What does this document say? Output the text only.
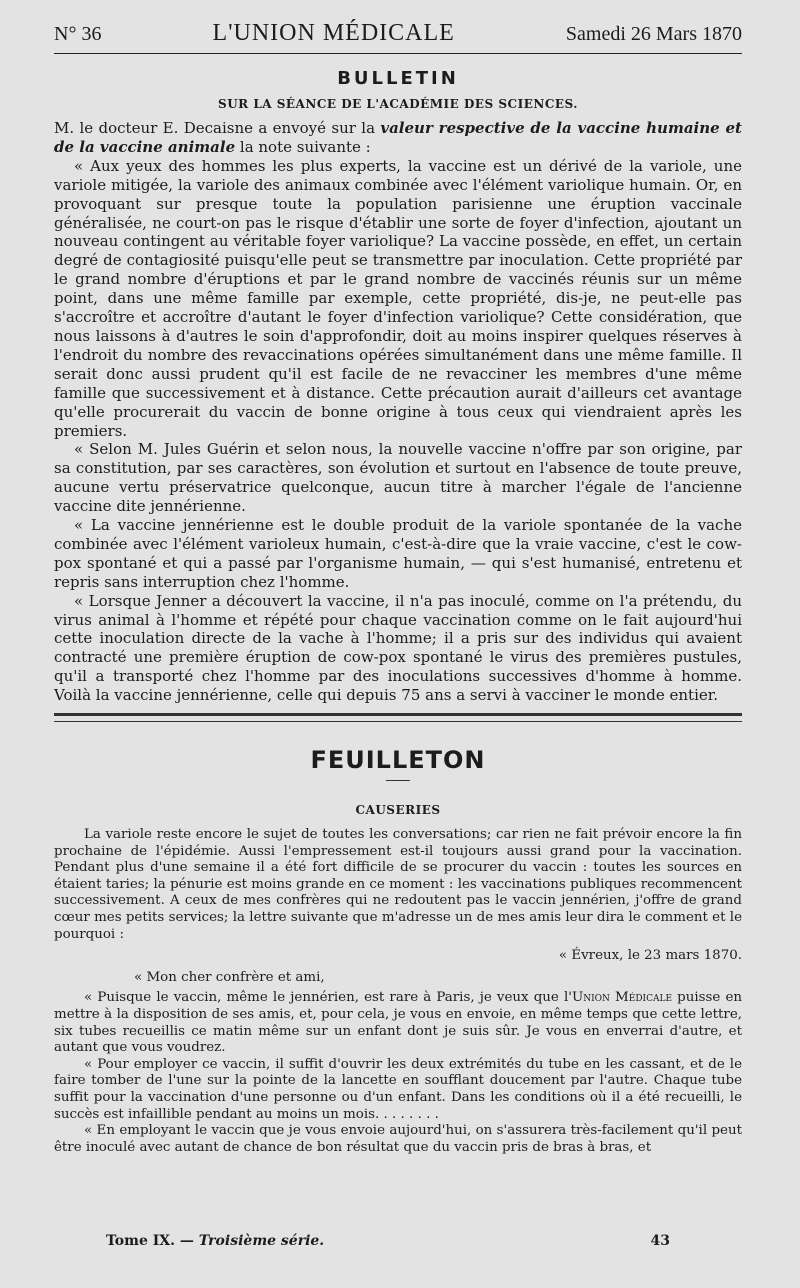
N° 36	L'UNION MÉDICALE	Samedi 26 Mars 1870
BULLETIN
SUR LA SÉANCE DE L'ACADÉMIE DES SCIENCES.

M. le docteur E. Decaisne a envoyé sur la valeur respective de la vaccine humaine et de la vaccine animale la note suivante :

« Aux yeux des hommes les plus experts, la vaccine est un dérivé de la variole, une variole mitigée, la variole des animaux combinée avec l'élément variolique humain. Or, en provoquant sur presque toute la population parisienne une éruption vaccinale généralisée, ne court-on pas le risque d'établir une sorte de foyer d'infection, ajoutant un nouveau contingent au véritable foyer variolique? La vaccine possède, en effet, un certain degré de contagiosité puisqu'elle peut se transmettre par inoculation. Cette propriété par le grand nombre d'éruptions et par le grand nombre de vaccinés réunis sur un même point, dans une même famille par exemple, cette propriété, dis-je, ne peut-elle pas s'accroître et accroître d'autant le foyer d'infection variolique? Cette considération, que nous laissons à d'autres le soin d'approfondir, doit au moins inspirer quelques réserves à l'endroit du nombre des revaccinations opérées simultanément dans une même famille. Il serait donc aussi prudent qu'il est facile de ne revacciner les membres d'une même famille que successivement et à distance. Cette précaution aurait d'ailleurs cet avantage qu'elle procurerait du vaccin de bonne origine à tous ceux qui viendraient après les premiers.

« Selon M. Jules Guérin et selon nous, la nouvelle vaccine n'offre par son origine, par sa constitution, par ses caractères, son évolution et surtout en l'absence de toute preuve, aucune vertu préservatrice quelconque, aucun titre à marcher l'égale de l'ancienne vaccine dite jennérienne.

« La vaccine jennérienne est le double produit de la variole spontanée de la vache combinée avec l'élément varioleux humain, c'est-à-dire que la vraie vaccine, c'est le cow-pox spontané et qui a passé par l'organisme humain, — qui s'est humanisé, entretenu et repris sans interruption chez l'homme.

« Lorsque Jenner a découvert la vaccine, il n'a pas inoculé, comme on l'a prétendu, du virus animal à l'homme et répété pour chaque vaccination comme on le fait aujourd'hui cette inoculation directe de la vache à l'homme; il a pris sur des individus qui avaient contracté une première éruption de cow-pox spontané le virus des premières pustules, qu'il a transporté chez l'homme par des inoculations successives d'homme à homme. Voilà la vaccine jennérienne, celle qui depuis 75 ans a servi à vacciner le monde entier.

FEUILLETON
CAUSERIES

La variole reste encore le sujet de toutes les conversations; car rien ne fait prévoir encore la fin prochaine de l'épidémie. Aussi l'empressement est-il toujours aussi grand pour la vaccination. Pendant plus d'une semaine il a été fort difficile de se procurer du vaccin : toutes les sources en étaient taries; la pénurie est moins grande en ce moment : les vaccinations publiques recommencent successivement. A ceux de mes confrères qui ne redoutent pas le vaccin jennérien, j'offre de grand cœur mes petits services; la lettre suivante que m'adresse un de mes amis leur dira le comment et le pourquoi :

« Évreux, le 23 mars 1870.

« Mon cher confrère et ami,

« Puisque le vaccin, même le jennérien, est rare à Paris, je veux que l'Union Médicale puisse en mettre à la disposition de ses amis, et, pour cela, je vous en envoie, en même temps que cette lettre, six tubes recueillis ce matin même sur un enfant dont je suis sûr. Je vous en enverrai d'autre, et autant que vous voudrez.

« Pour employer ce vaccin, il suffit d'ouvrir les deux extrémités du tube en les cassant, et de le faire tomber de l'une sur la pointe de la lancette en soufflant doucement par l'autre. Chaque tube suffit pour la vaccination d'une personne ou d'un enfant. Dans les conditions où il a été recueilli, le succès est infaillible pendant au moins un mois. . . . . . . .

« En employant le vaccin que je vous envoie aujourd'hui, on s'assurera très-facilement qu'il peut être inoculé avec autant de chance de bon résultat que du vaccin pris de bras à bras, et

Tome IX. — Troisième série.	43
